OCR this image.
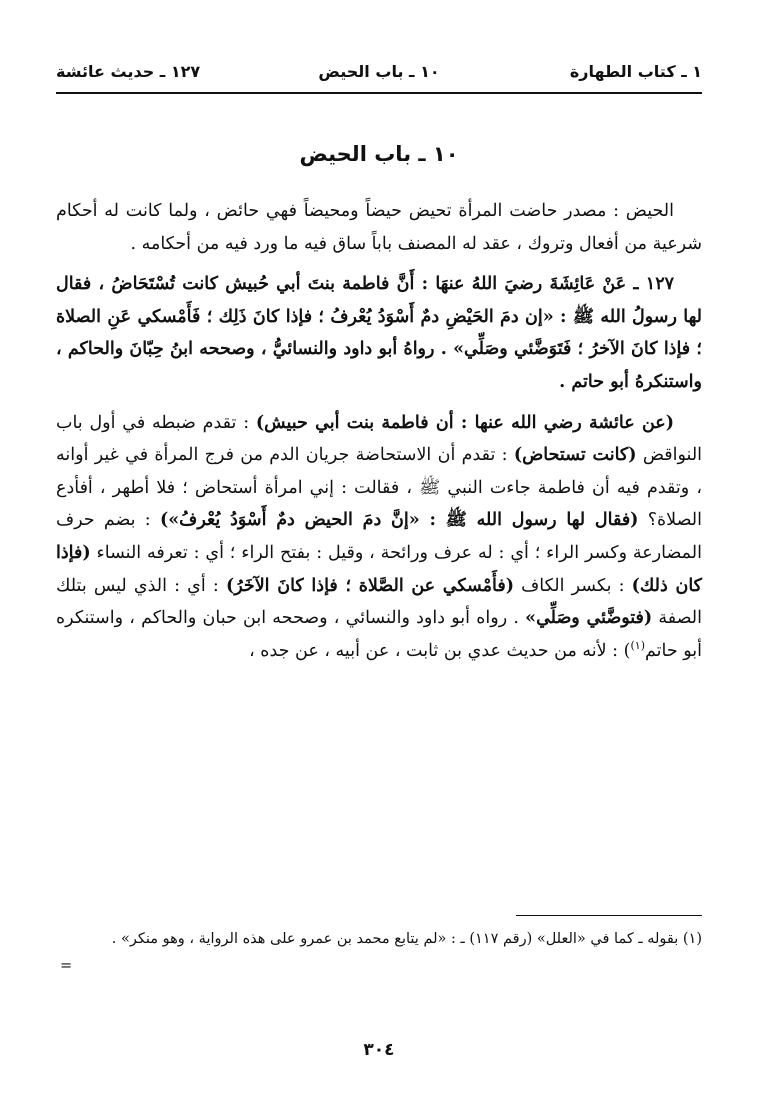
١ ـ كتاب الطهارة
١٠ ـ باب الحيض
١٢٧ ـ حديث عائشة
١٠ ـ باب الحيض

الحيض : مصدر حاضت المرأة تحيض حيضاً ومحيضاً فهي حائض ، ولما كانت له أحكام شرعية من أفعال وتروك ، عقد له المصنف باباً ساق فيه ما ورد فيه من أحكامه .

١٢٧ ـ عَنْ عَائِشَةَ رضيَ اللهُ عنهَا : أَنَّ فاطمة بنتَ أبي حُبيش كانت تُسْتَحَاضُ ، فقال لها رسولُ الله ﷺ : «إن دمَ الحَيْضِ دمٌ أَسْوَدُ يُعْرفُ ؛ فإذا كانَ ذَلِك ؛ فَأَمْسكي عَنِ الصلاة ؛ فإذا كانَ الآخرُ ؛ فَتَوَضَّئي وصَلِّي» . رواهُ أبو داود والنسائيُّ ، وصححه ابنُ حِبّانَ والحاكم ، واستنكرهُ أبو حاتم .

(عن عائشة رضي الله عنها : أن فاطمة بنت أبي حبيش) : تقدم ضبطه في أول باب النواقض (كانت تستحاض) : تقدم أن الاستحاضة جريان الدم من فرج المرأة في غير أوانه ، وتقدم فيه أن فاطمة جاءت النبي ﷺ ، فقالت : إني امرأة أستحاض ؛ فلا أطهر ، أفأدع الصلاة؟ (فقال لها رسول الله ﷺ : «إنَّ دمَ الحيض دمٌ أَسْوَدُ يُعْرفُ») : بضم حرف المضارعة وكسر الراء ؛ أي : له عرف ورائحة ، وقيل : بفتح الراء ؛ أي : تعرفه النساء (فإذا كان ذلك) : بكسر الكاف (فأَمْسكي عن الصَّلاة ؛ فإذا كانَ الآخَرُ) : أي : الذي ليس بتلك الصفة (فتوضَّئي وصَلِّي» . رواه أبو داود والنسائي ، وصححه ابن حبان والحاكم ، واستنكره أبو حاتم$^{(١)}$) : لأنه من حديث عدي بن ثابت ، عن أبيه ، عن جده ،

(١) بقوله ـ كما في «العلل» (رقم ١١٧) ـ : «لم يتابع محمد بن عمرو على هذه الرواية ، وهو منكر» .

=
٣٠٤
